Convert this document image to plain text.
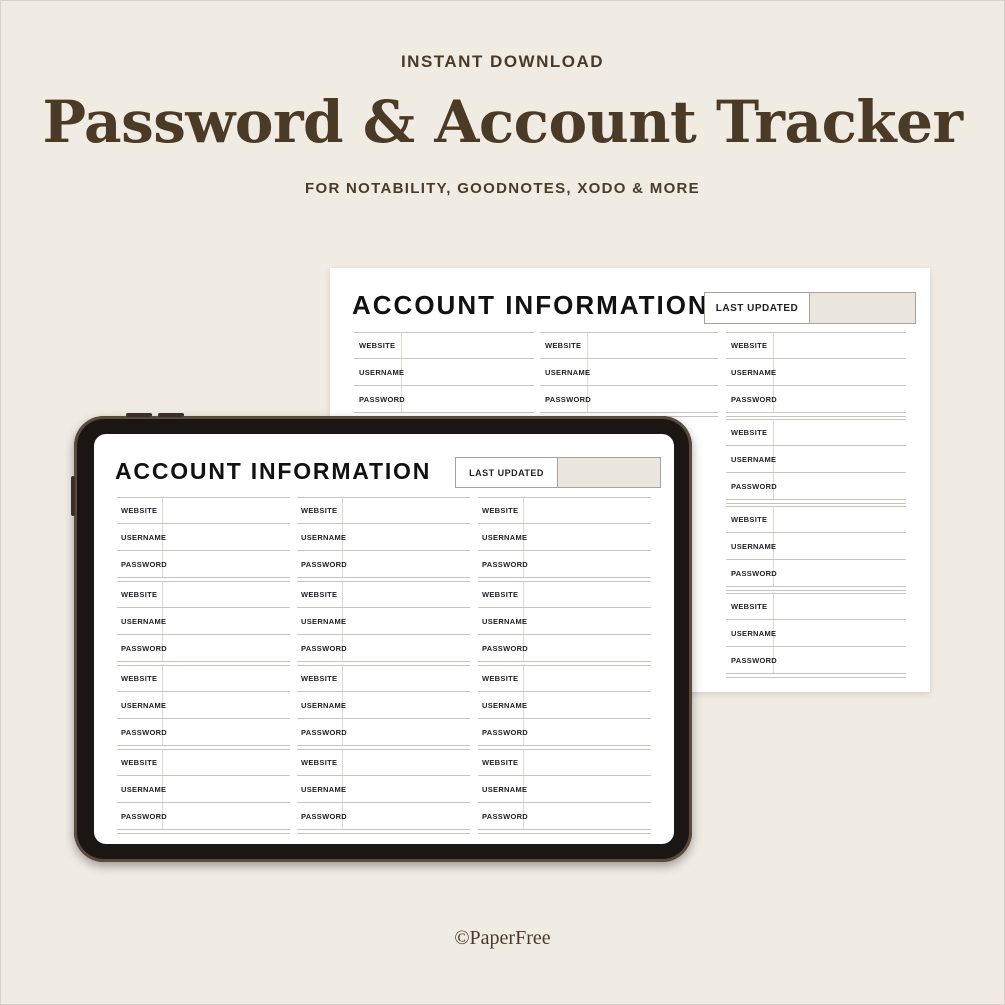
INSTANT DOWNLOAD
Password & Account Tracker
FOR NOTABILITY, GOODNOTES, XODO & MORE
ACCOUNT INFORMATION LAST UPDATED
WEBSITE
USERNAME
PASSWORD
WEBSITE
USERNAME
PASSWORD
WEBSITE
USERNAME
PASSWORD
WEBSITE
USERNAME
PASSWORD
WEBSITE
USERNAME
PASSWORD
WEBSITE
USERNAME
PASSWORD
ACCOUNT INFORMATION	LAST UPDATED
WEBSITE
USERNAME
PASSWORD
WEBSITE
USERNAME
PASSWORD
WEBSITE
USERNAME
PASSWORD
WEBSITE
USERNAME
PASSWORD
WEBSITE
USERNAME
PASSWORD
WEBSITE
USERNAME
PASSWORD
WEBSITE
USERNAME
PASSWORD
WEBSITE
USERNAME
PASSWORD
WEBSITE
USERNAME
PASSWORD
WEBSITE
USERNAME
PASSWORD
WEBSITE
USERNAME
PASSWORD
WEBSITE
USERNAME
PASSWORD
©PaperFree
